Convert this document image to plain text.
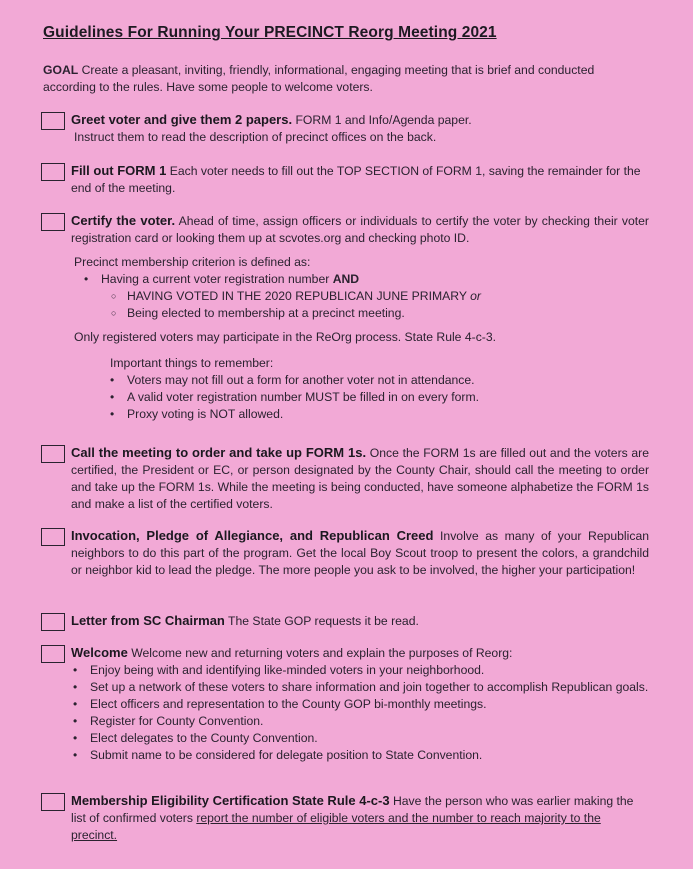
Guidelines For Running Your PRECINCT Reorg Meeting 2021
GOAL Create a pleasant, inviting, friendly, informational, engaging meeting that is brief and conducted according to the rules. Have some people to welcome voters.
Greet voter and give them 2 papers. FORM 1 and Info/Agenda paper.
Instruct them to read the description of precinct offices on the back.
Fill out FORM 1 Each voter needs to fill out the TOP SECTION of FORM 1, saving the remainder for the end of the meeting.
Certify the voter. Ahead of time, assign officers or individuals to certify the voter by checking their voter registration card or looking them up at scvotes.org and checking photo ID.
Precinct membership criterion is defined as:
• Having a current voter registration number AND
○ HAVING VOTED IN THE 2020 REPUBLICAN JUNE PRIMARY or
○ Being elected to membership at a precinct meeting.
Only registered voters may participate in the ReOrg process. State Rule 4-c-3.
Important things to remember:
• Voters may not fill out a form for another voter not in attendance.
• A valid voter registration number MUST be filled in on every form.
• Proxy voting is NOT allowed.
Call the meeting to order and take up FORM 1s. Once the FORM 1s are filled out and the voters are certified, the President or EC, or person designated by the County Chair, should call the meeting to order and take up the FORM 1s. While the meeting is being conducted, have someone alphabetize the FORM 1s and make a list of the certified voters.
Invocation, Pledge of Allegiance, and Republican Creed Involve as many of your Republican neighbors to do this part of the program. Get the local Boy Scout troop to present the colors, a grandchild or neighbor kid to lead the pledge. The more people you ask to be involved, the higher your participation!
Letter from SC Chairman The State GOP requests it be read.
Welcome Welcome new and returning voters and explain the purposes of Reorg:
• Enjoy being with and identifying like-minded voters in your neighborhood.
• Set up a network of these voters to share information and join together to accomplish Republican goals.
• Elect officers and representation to the County GOP bi-monthly meetings.
• Register for County Convention.
• Elect delegates to the County Convention.
• Submit name to be considered for delegate position to State Convention.
Membership Eligibility Certification State Rule 4-c-3 Have the person who was earlier making the list of confirmed voters report the number of eligible voters and the number to reach majority to the precinct.
